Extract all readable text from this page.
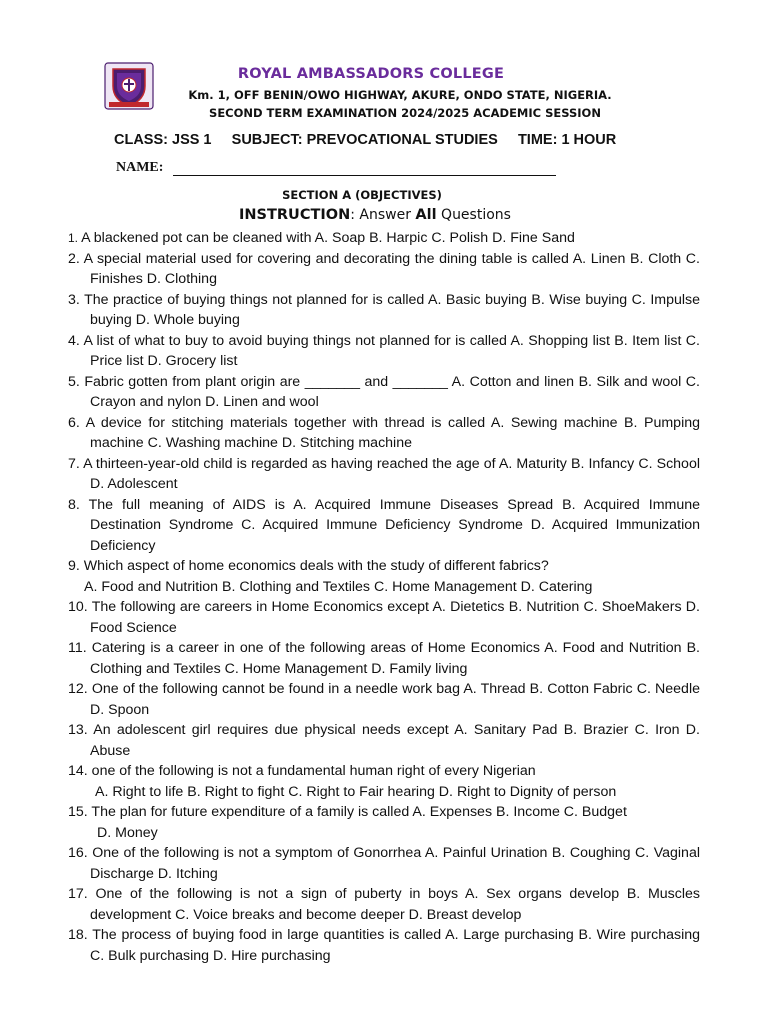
ROYAL AMBASSADORS COLLEGE
Km. 1, OFF BENIN/OWO HIGHWAY, AKURE, ONDO STATE, NIGERIA.
SECOND TERM EXAMINATION 2024/2025 ACADEMIC SESSION
CLASS: JSS 1 SUBJECT: PREVOCATIONAL STUDIES TIME: 1 HOUR
NAME:
SECTION A (OBJECTIVES)
INSTRUCTION: Answer All Questions

1. A blackened pot can be cleaned with A. Soap B. Harpic C. Polish D. Fine Sand

2. A special material used for covering and decorating the dining table is called A. Linen B. Cloth C. Finishes D. Clothing

3. The practice of buying things not planned for is called A. Basic buying B. Wise buying C. Impulse buying D. Whole buying

4. A list of what to buy to avoid buying things not planned for is called A. Shopping list B. Item list C. Price list D. Grocery list

5. Fabric gotten from plant origin are _______ and _______ A. Cotton and linen B. Silk and wool C. Crayon and nylon D. Linen and wool

6. A device for stitching materials together with thread is called A. Sewing machine B. Pumping machine C. Washing machine D. Stitching machine

7. A thirteen-year-old child is regarded as having reached the age of A. Maturity B. Infancy C. School D. Adolescent

8. The full meaning of AIDS is A. Acquired Immune Diseases Spread B. Acquired Immune Destination Syndrome C. Acquired Immune Deficiency Syndrome D. Acquired Immunization Deficiency

9. Which aspect of home economics deals with the study of different fabrics?

A. Food and Nutrition B. Clothing and Textiles C. Home Management D. Catering

10. The following are careers in Home Economics except A. Dietetics B. Nutrition C. ShoeMakers D. Food Science

11. Catering is a career in one of the following areas of Home Economics A. Food and Nutrition B. Clothing and Textiles C. Home Management D. Family living

12. One of the following cannot be found in a needle work bag A. Thread B. Cotton Fabric C. Needle D. Spoon

13. An adolescent girl requires due physical needs except A. Sanitary Pad B. Brazier C. Iron D. Abuse

14. one of the following is not a fundamental human right of every Nigerian

A. Right to life B. Right to fight C. Right to Fair hearing D. Right to Dignity of person

15. The plan for future expenditure of a family is called A. Expenses B. Income C. Budget

D. Money

16. One of the following is not a symptom of Gonorrhea A. Painful Urination B. Coughing C. Vaginal Discharge D. Itching

17. One of the following is not a sign of puberty in boys A. Sex organs develop B. Muscles development C. Voice breaks and become deeper D. Breast develop

18. The process of buying food in large quantities is called A. Large purchasing B. Wire purchasing C. Bulk purchasing D. Hire purchasing
